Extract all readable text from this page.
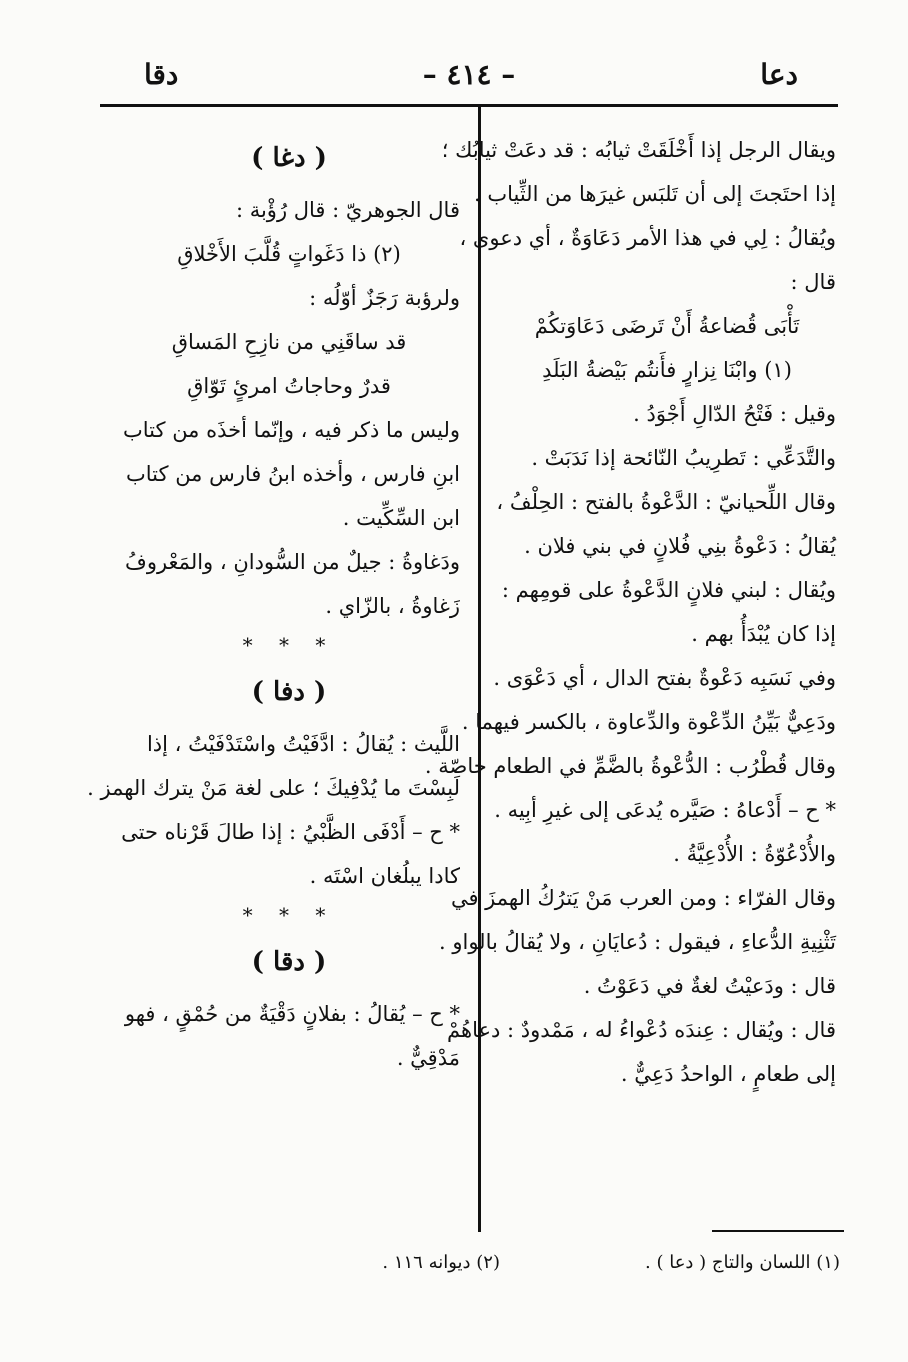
دقا	– ٤١٤ –	دعا
ويقال الرجل إذا أَخْلَقَتْ ثيابُه : قد دعَتْ ثيابُك ؛
إذا احتَجتَ إلى أن تَلبَس غيرَها من الثِّياب .
ويُقالُ : لِي في هذا الأمر دَعَاوَةٌ ، أي دعوى ،
قال :
تَأْبَى قُضاعةُ أَنْ تَرضَى دَعَاوَتكُمْ
(١) وابْنَا نِزارٍ فأَنتُم بَيْضةُ البَلَدِ
وقيل : فَتْحُ الدّالِ أَجْوَدُ .
والتَّدَعِّي : تَطرِيبُ النّائحة إذا نَدَبَتْ .
وقال اللِّحيانيّ : الدَّعْوةُ بالفتح : الحِلْفُ ،
يُقالُ : دَعْوةُ بنِي فُلانٍ في بني فلان .
ويُقال : لبني فلانٍ الدَّعْوةُ على قومِهم :
إذا كان يُبْدَأُ بهم .
وفي نَسَبِه دَعْوةٌ بفتح الدال ، أي دَعْوَى .
ودَعِيٌّ بَيِّنُ الدِّعْوة والدِّعاوة ، بالكسر فيهما .
وقال قُطْرُب : الدُّعْوةُ بالضَّمِّ في الطعام خاصّة .
* ح – أَدْعاهُ : صَيَّره يُدعَى إلى غيرِ أبِيه .
والأُدْعُوّةُ : الأُدْعِيَّةُ .
وقال الفرّاء : ومن العرب مَنْ يَترُكُ الهمزَ في
تَثْنِيةِ الدُّعاءِ ، فيقول : دُعايَانِ ، ولا يُقالُ بالواو .
قال : ودَعيْتُ لغةٌ في دَعَوْتُ .
قال : ويُقال : عِندَه دُعْواءُ له ، مَمْدودٌ : دعاهُمْ
إلى طعامٍ ، الواحدُ دَعِيٌّ .
( دغا )
قال الجوهريّ : قال رُؤْبة :
(٢) ذا دَغَواتٍ قُلَّبَ الأَخْلاقِ
ولرؤبة رَجَزٌ أوّلُه :
قد ساقَنِي من نازِحِ المَساقِ
قدرٌ وحاجاتُ امرئٍ تَوّاقِ
وليس ما ذكر فيه ، وإنّما أخذَه من كتاب
ابنِ فارس ، وأخذه ابنُ فارس من كتاب
ابن السِّكِّيت .
ودَغاوةُ : جيلٌ من السُّودانِ ، والمَعْروفُ
زَغاوةُ ، بالزّاي .
* * *
( دفا )
اللَّيث : يُقالُ : ادَّفَيْتُ واسْتَدْفَيْتُ ، إذا
لَبِسْتَ ما يُدْفِيكَ ؛ على لغة مَنْ يترك الهمز .
* ح – أَدْفَى الظَّبْيُ : إذا طالَ قَرْناه حتى
كادا يبلُغان اسْتَه .
* * *
( دقا )
* ح – يُقالُ : بفلانٍ دَقْيَةٌ من حُمْقٍ ، فهو
مَدْقِيٌّ .
(١) اللسان والتاج ( دعا ) .
(٢) ديوانه ١١٦ .
